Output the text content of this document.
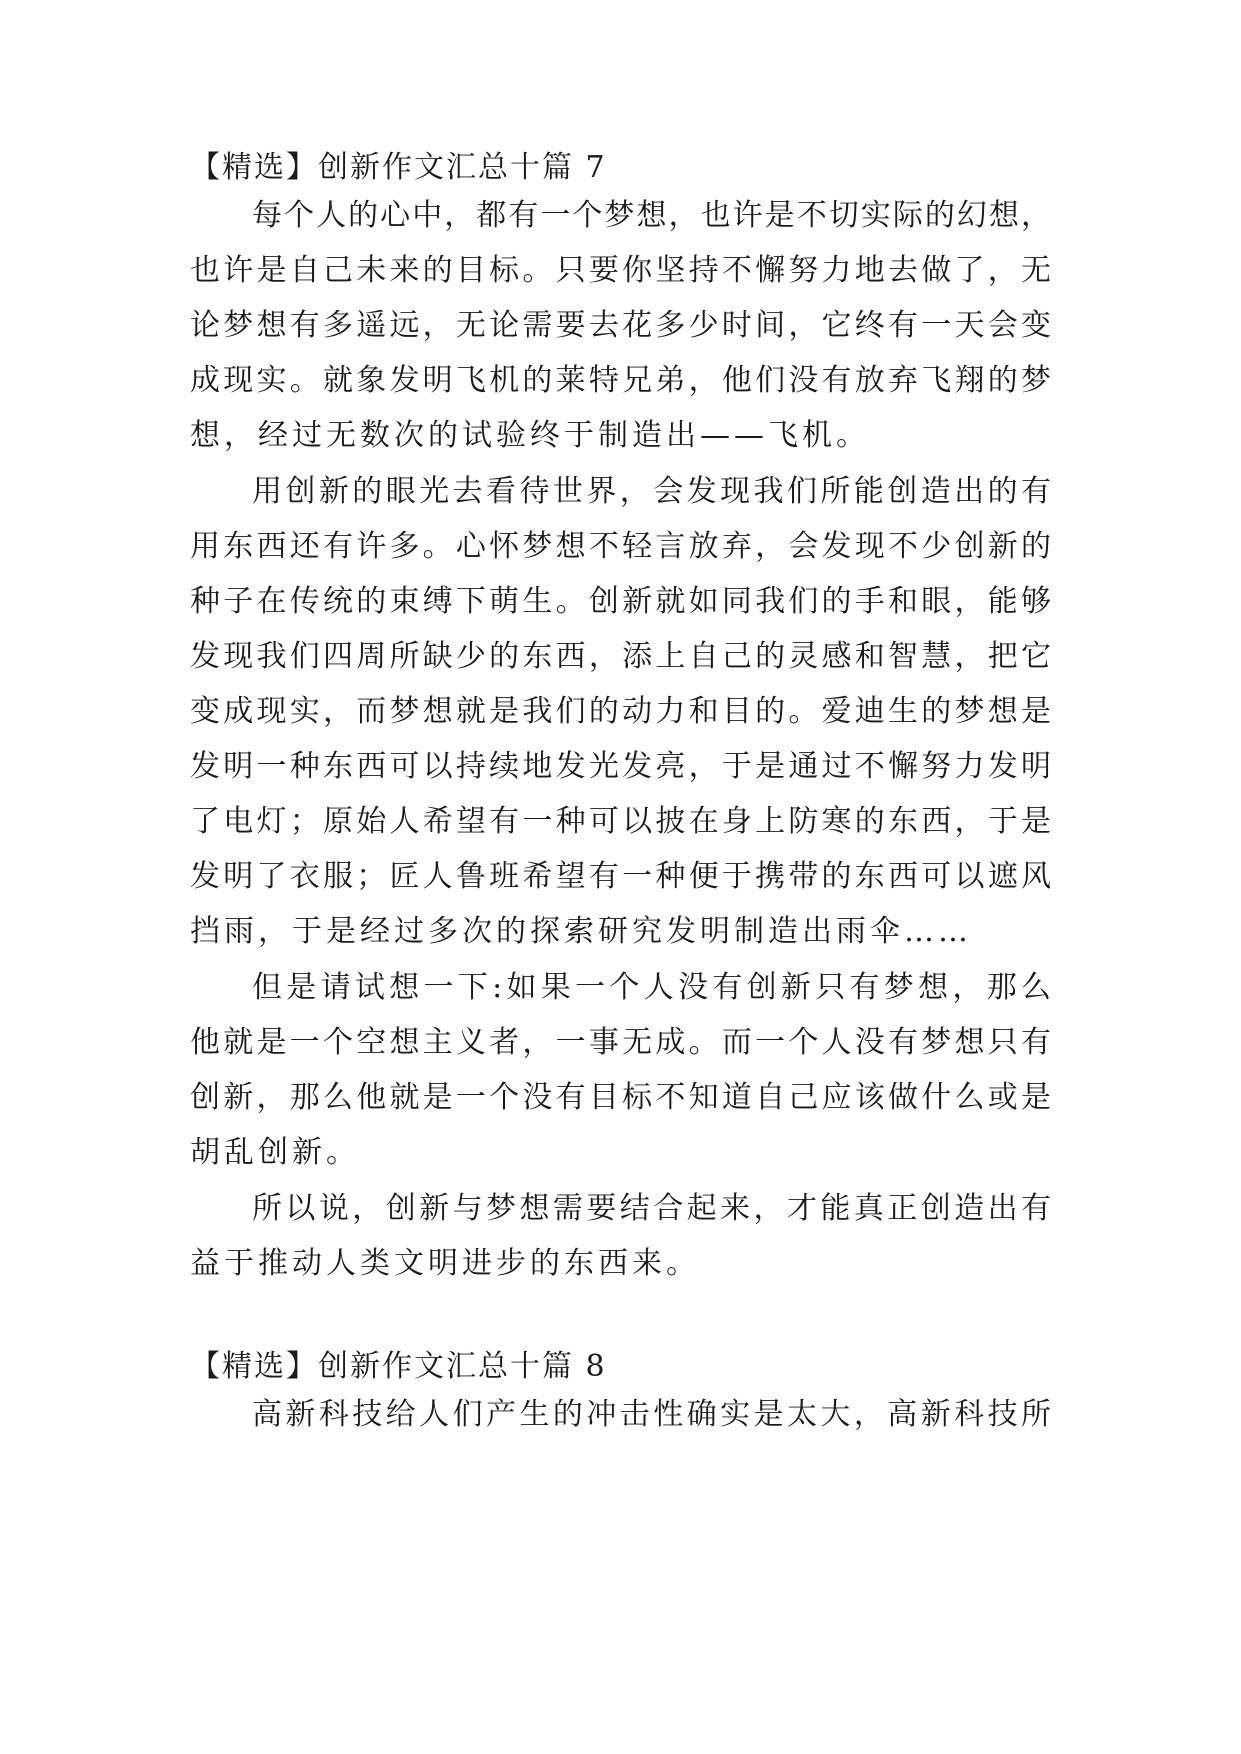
【精选】创新作文汇总十篇 7
每个人的心中，都有一个梦想，也许是不切实际的幻想，
也许是自己未来的目标。只要你坚持不懈努力地去做了，无
论梦想有多遥远，无论需要去花多少时间，它终有一天会变
成现实。就象发明飞机的莱特兄弟，他们没有放弃飞翔的梦
想，经过无数次的试验终于制造出——飞机。
用创新的眼光去看待世界，会发现我们所能创造出的有
用东西还有许多。心怀梦想不轻言放弃，会发现不少创新的
种子在传统的束缚下萌生。创新就如同我们的手和眼，能够
发现我们四周所缺少的东西，添上自己的灵感和智慧，把它
变成现实，而梦想就是我们的动力和目的。爱迪生的梦想是
发明一种东西可以持续地发光发亮，于是通过不懈努力发明
了电灯；原始人希望有一种可以披在身上防寒的东西，于是
发明了衣服；匠人鲁班希望有一种便于携带的东西可以遮风
挡雨，于是经过多次的探索研究发明制造出雨伞……
但是请试想一下:如果一个人没有创新只有梦想，那么
他就是一个空想主义者，一事无成。而一个人没有梦想只有
创新，那么他就是一个没有目标不知道自己应该做什么或是
胡乱创新。
所以说，创新与梦想需要结合起来，才能真正创造出有
益于推动人类文明进步的东西来。
【精选】创新作文汇总十篇 8
高新科技给人们产生的冲击性确实是太大，高新科技所
